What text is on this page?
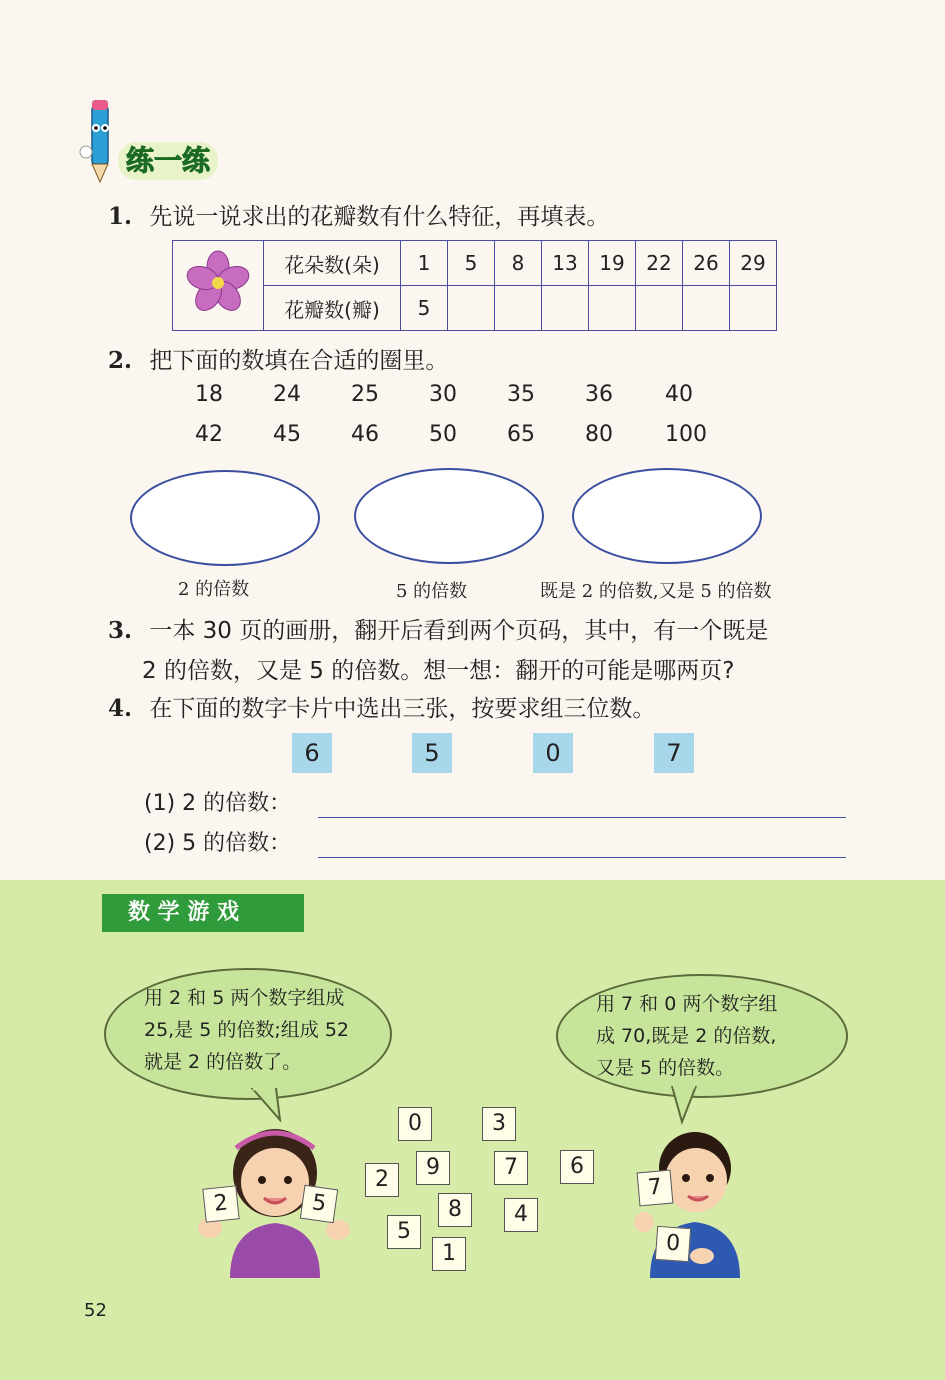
练一练
1. 先说一说求出的花瓣数有什么特征，再填表。
	花朵数(朵)	1	5	8	13	19	22	26	29
	花瓣数(瓣)	5							
2. 把下面的数填在合适的圈里。
18 24 25 30 35 36 40
42 45 46 50 65 80 100
2 的倍数	5 的倍数	既是 2 的倍数,又是 5 的倍数
3. 一本 30 页的画册，翻开后看到两个页码，其中，有一个既是
2 的倍数，又是 5 的倍数。想一想：翻开的可能是哪两页?
4. 在下面的数字卡片中选出三张，按要求组三位数。
6	5	0	7
(1) 2 的倍数：
(2) 5 的倍数：
数 学 游 戏
用 2 和 5 两个数字组成
25,是 5 的倍数;组成 52
就是 2 的倍数了。
用 7 和 0 两个数字组
成 70,既是 2 的倍数,
又是 5 的倍数。
0	3
2	9	7	6
8	4
5
1
2	5
7
0
52
